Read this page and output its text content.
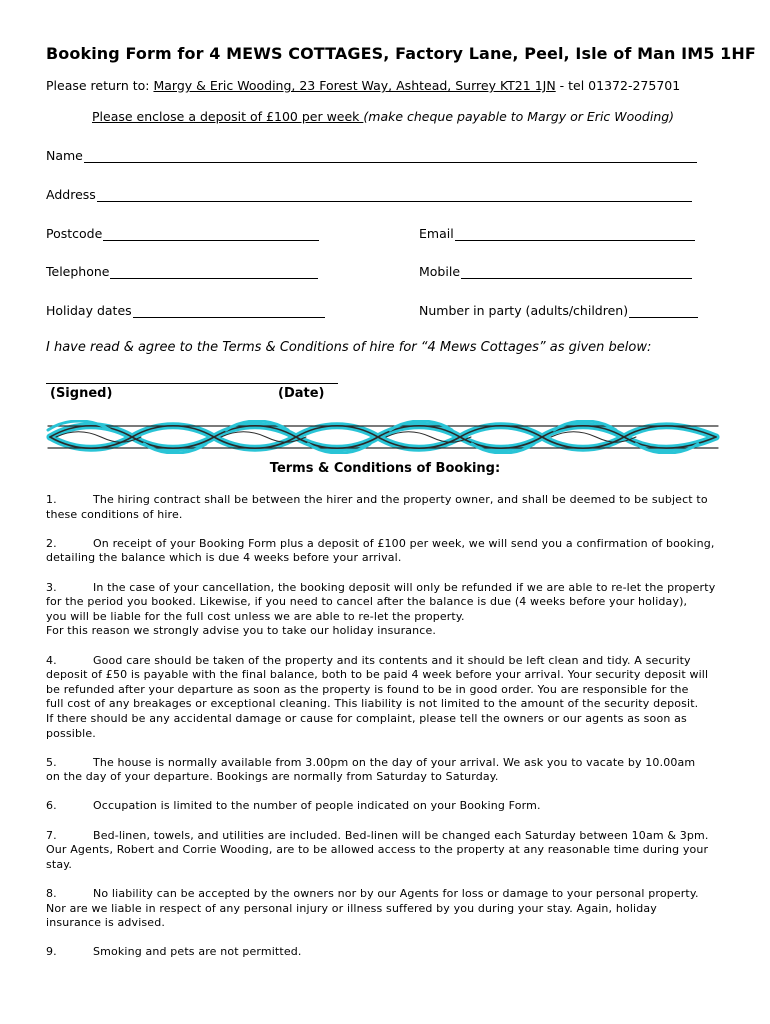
Booking Form for 4 MEWS COTTAGES, Factory Lane, Peel, Isle of Man IM5 1HF
Please return to: Margy & Eric Wooding, 23 Forest Way, Ashtead, Surrey KT21 1JN - tel 01372-275701
Please enclose a deposit of £100 per week (make cheque payable to Margy or Eric Wooding)
Name
Address
Postcode	Email
Telephone	Mobile
Holiday dates	Number in party (adults/children)
I have read & agree to the Terms & Conditions of hire for “4 Mews Cottages” as given below:
(Signed)	(Date)
Terms & Conditions of Booking:
1.	The hiring contract shall be between the hirer and the property owner, and shall be deemed to be subject to
these conditions of hire.
2.	On receipt of your Booking Form plus a deposit of £100 per week, we will send you a confirmation of booking,
detailing the balance which is due 4 weeks before your arrival.
3.	In the case of your cancellation, the booking deposit will only be refunded if we are able to re-let the property
for the period you booked. Likewise, if you need to cancel after the balance is due (4 weeks before your holiday),
you will be liable for the full cost unless we are able to re-let the property.
For this reason we strongly advise you to take our holiday insurance.
4.	Good care should be taken of the property and its contents and it should be left clean and tidy. A security
deposit of £50 is payable with the final balance, both to be paid 4 week before your arrival. Your security deposit will
be refunded after your departure as soon as the property is found to be in good order. You are responsible for the
full cost of any breakages or exceptional cleaning. This liability is not limited to the amount of the security deposit.
If there should be any accidental damage or cause for complaint, please tell the owners or our agents as soon as
possible.
5.	The house is normally available from 3.00pm on the day of your arrival. We ask you to vacate by 10.00am
on the day of your departure. Bookings are normally from Saturday to Saturday.
6.	Occupation is limited to the number of people indicated on your Booking Form.
7.	Bed-linen, towels, and utilities are included. Bed-linen will be changed each Saturday between 10am & 3pm.
Our Agents, Robert and Corrie Wooding, are to be allowed access to the property at any reasonable time during your
stay.
8.	No liability can be accepted by the owners nor by our Agents for loss or damage to your personal property.
Nor are we liable in respect of any personal injury or illness suffered by you during your stay. Again, holiday
insurance is advised.
9.	Smoking and pets are not permitted.
